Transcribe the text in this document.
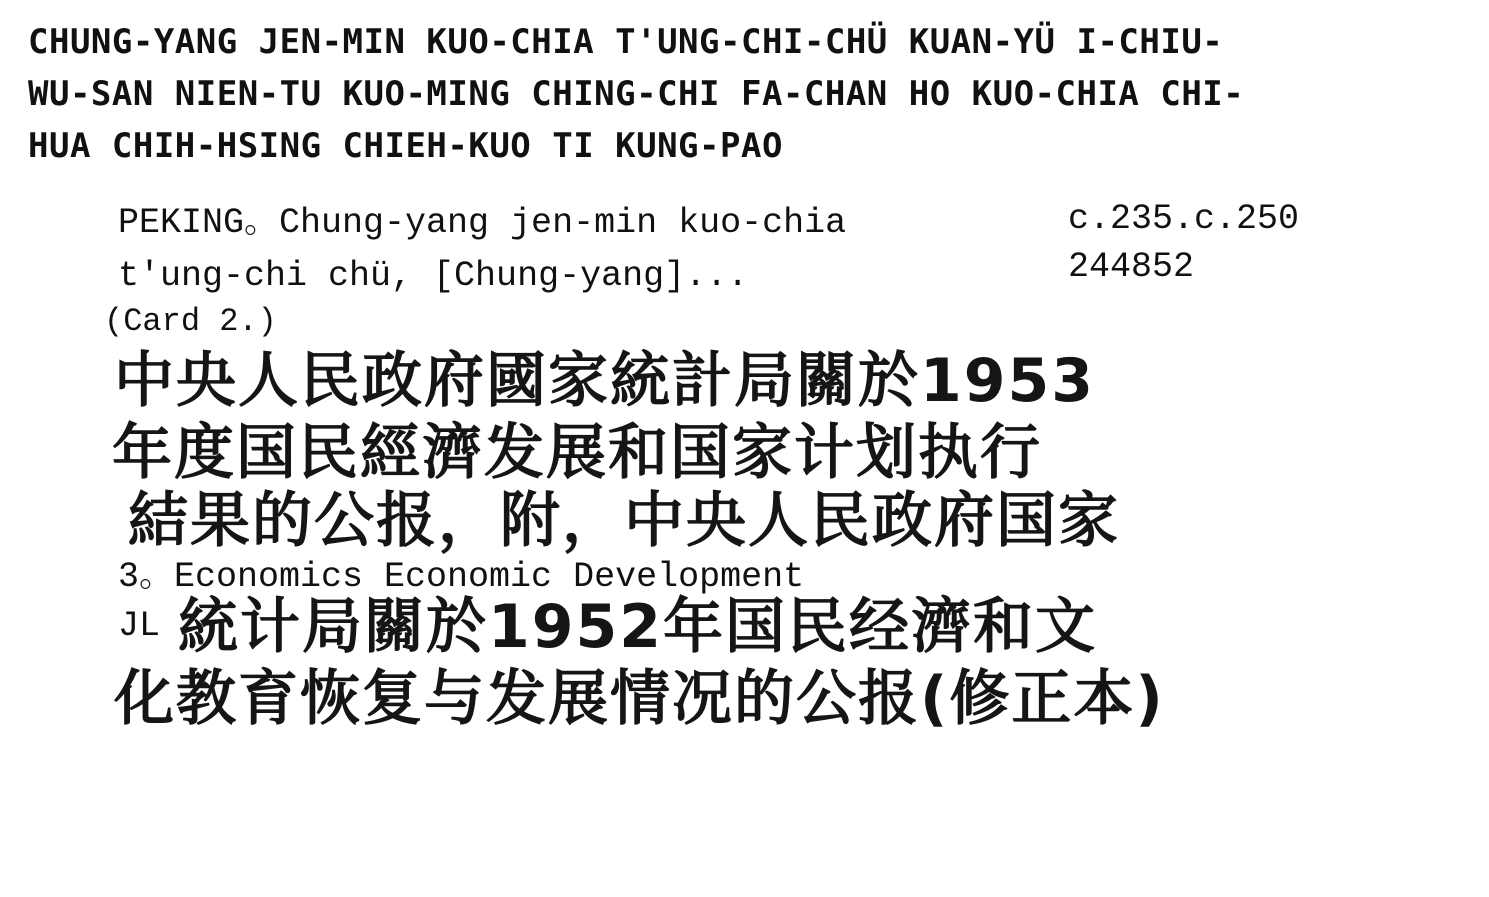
CHUNG-YANG JEN-MIN KUO-CHIA T'UNG-CHI-CHÜ KUAN-YÜ I-CHIU-
WU-SAN NIEN-TU KUO-MING CHING-CHI FA-CHAN HO KUO-CHIA CHI-
HUA CHIH-HSING CHIEH-KUO TI KUNG-PAO
PEKING。Chung-yang jen-min kuo-chia
t'ung-chi chü, [Chung-yang]...
c.235.c.250
244852
(Card 2.)
中央人民政府國家統計局關於1953
年度国民經濟发展和国家计划执行
結果的公报，附，中央人民政府国家
3。Economics Economic Development
JL 統计局關於1952年国民经濟和文
化教育恢复与发展情况的公报(修正本)
